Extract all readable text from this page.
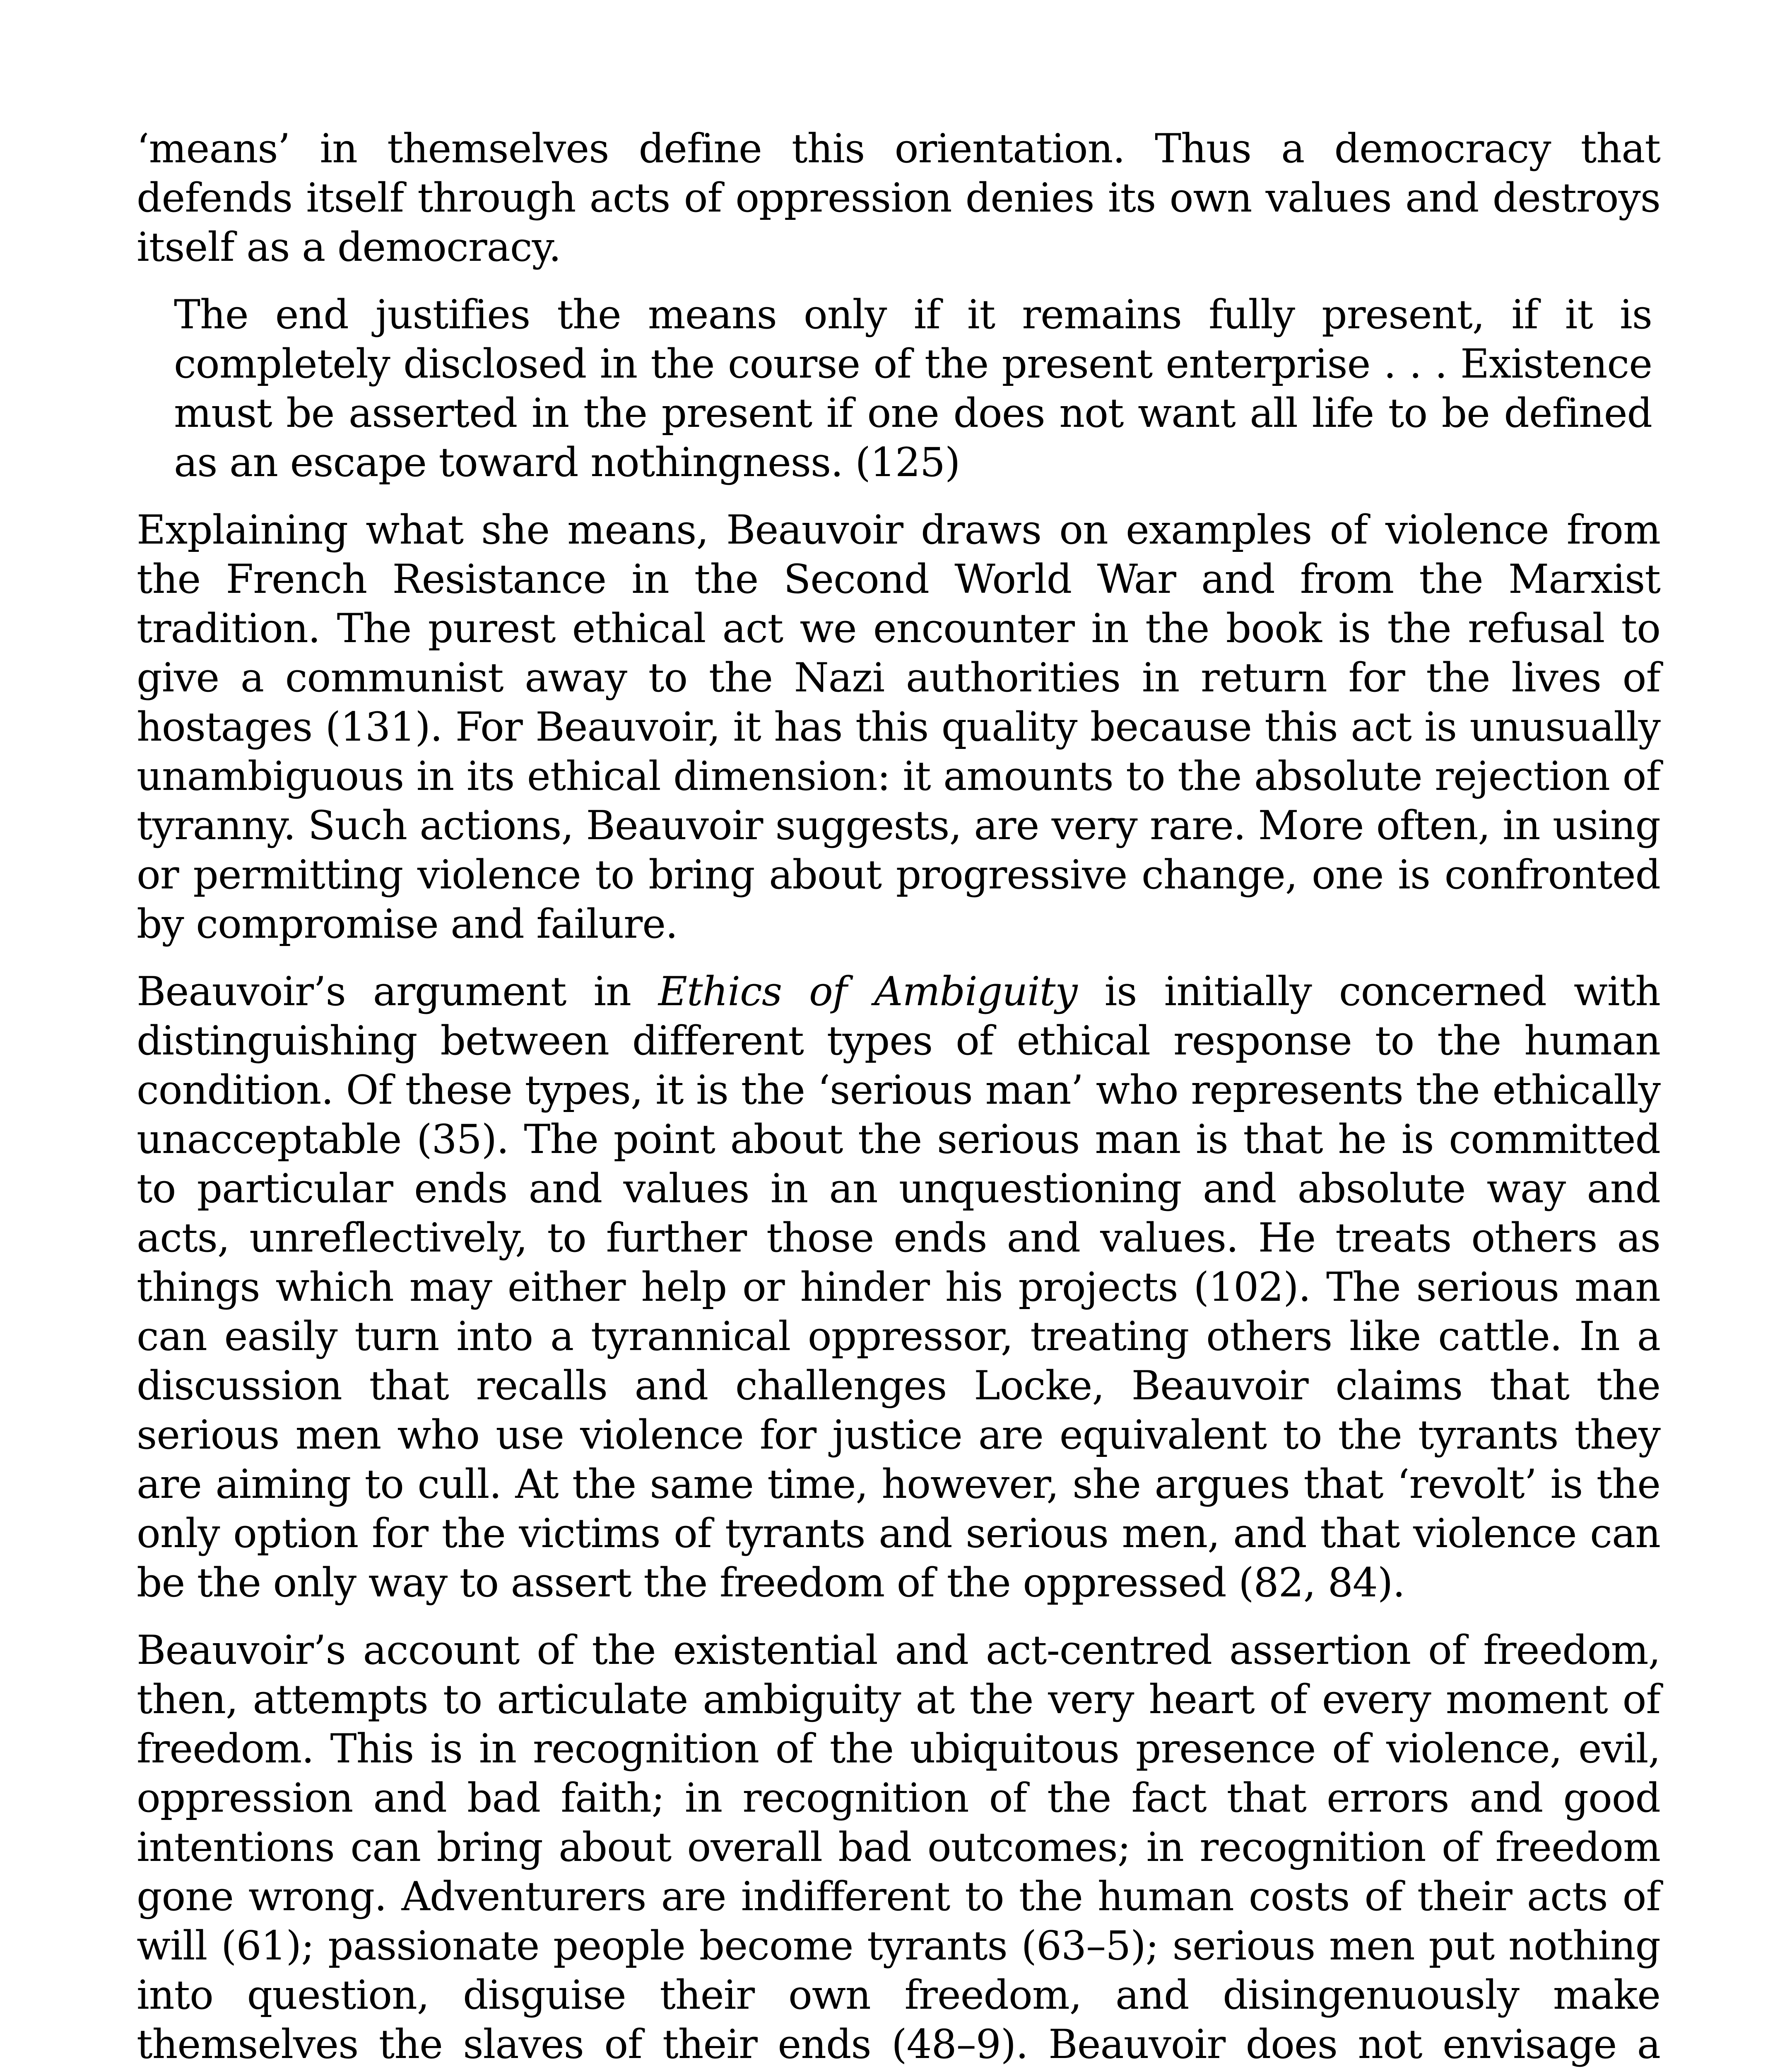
‘means’ in themselves define this orientation. Thus a democracy that defends itself through acts of oppression denies its own values and destroys itself as a democracy.

The end justifies the means only if it remains fully present, if it is completely disclosed in the course of the present enterprise . . . Existence must be asserted in the present if one does not want all life to be defined as an escape toward nothingness. (125)

Explaining what she means, Beauvoir draws on examples of violence from the French Resistance in the Second World War and from the Marxist tradition. The purest ethical act we encounter in the book is the refusal to give a communist away to the Nazi authorities in return for the lives of hostages (131). For Beauvoir, it has this quality because this act is unusually unambiguous in its ethical dimension: it amounts to the absolute rejection of tyranny. Such actions, Beauvoir suggests, are very rare. More often, in using or permitting violence to bring about progressive change, one is confronted by compromise and failure.

Beauvoir’s argument in Ethics of Ambiguity is initially concerned with distinguishing between different types of ethical response to the human condition. Of these types, it is the ‘serious man’ who represents the ethically unacceptable (35). The point about the serious man is that he is committed to particular ends and values in an unquestioning and absolute way and acts, unreflectively, to further those ends and values. He treats others as things which may either help or hinder his projects (102). The serious man can easily turn into a tyrannical oppressor, treating others like cattle. In a discussion that recalls and challenges Locke, Beauvoir claims that the serious men who use violence for justice are equivalent to the tyrants they are aiming to cull. At the same time, however, she argues that ‘revolt’ is the only option for the victims of tyrants and serious men, and that violence can be the only way to assert the freedom of the oppressed (82, 84).

Beauvoir’s account of the existential and act-centred assertion of freedom, then, attempts to articulate ambiguity at the very heart of every moment of freedom. This is in recognition of the ubiquitous presence of violence, evil, oppression and bad faith; in recognition of the fact that errors and good intentions can bring about overall bad outcomes; in recognition of freedom gone wrong. Adventurers are indifferent to the human costs of their acts of will (61); passionate people become tyrants (63–5); serious men put nothing into question, disguise their own freedom, and disingenuously make themselves the slaves of their ends (48–9). Beauvoir does not envisage a
